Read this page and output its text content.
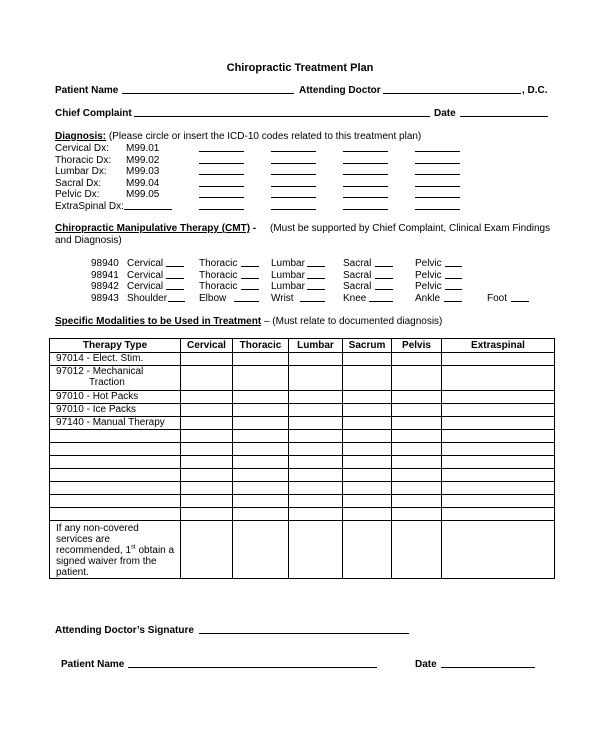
Chiropractic Treatment Plan
Patient Name	Attending Doctor	, D.C.
Chief Complaint	Date
Diagnosis: (Please circle or insert the ICD-10 codes related to this treatment plan)
Cervical Dx: M99.01
Thoracic Dx: M99.02
Lumbar Dx: M99.03
Sacral Dx: M99.04
Pelvic Dx:	M99.05
ExtraSpinal Dx:
Chiropractic Manipulative Therapy (CMT) - (Must be supported by Chief Complaint, Clinical Exam Findings
and Diagnosis)
98940 Cervical	Thoracic	Lumbar	Sacral	Pelvic
98941 Cervical	Thoracic	Lumbar	Sacral	Pelvic
98942 Cervical	Thoracic	Lumbar	Sacral	Pelvic
98943 Shoulder	Elbow	Wrist	Knee	Ankle	Foot
Specific Modalities to be Used in Treatment – (Must relate to documented diagnosis)
Therapy Type	Cervical	Thoracic	Lumbar	Sacrum	Pelvis	Extraspinal
97014 - Elect. Stim.						

97012 - Mechanical
Traction						

97010 - Hot Packs						
97010 - Ice Packs						
97140 - Manual Therapy						

If any non-covered
services are
recommended, 1st obtain a
signed waiver from the
patient.						

Attending Doctor’s Signature
Patient Name	Date
